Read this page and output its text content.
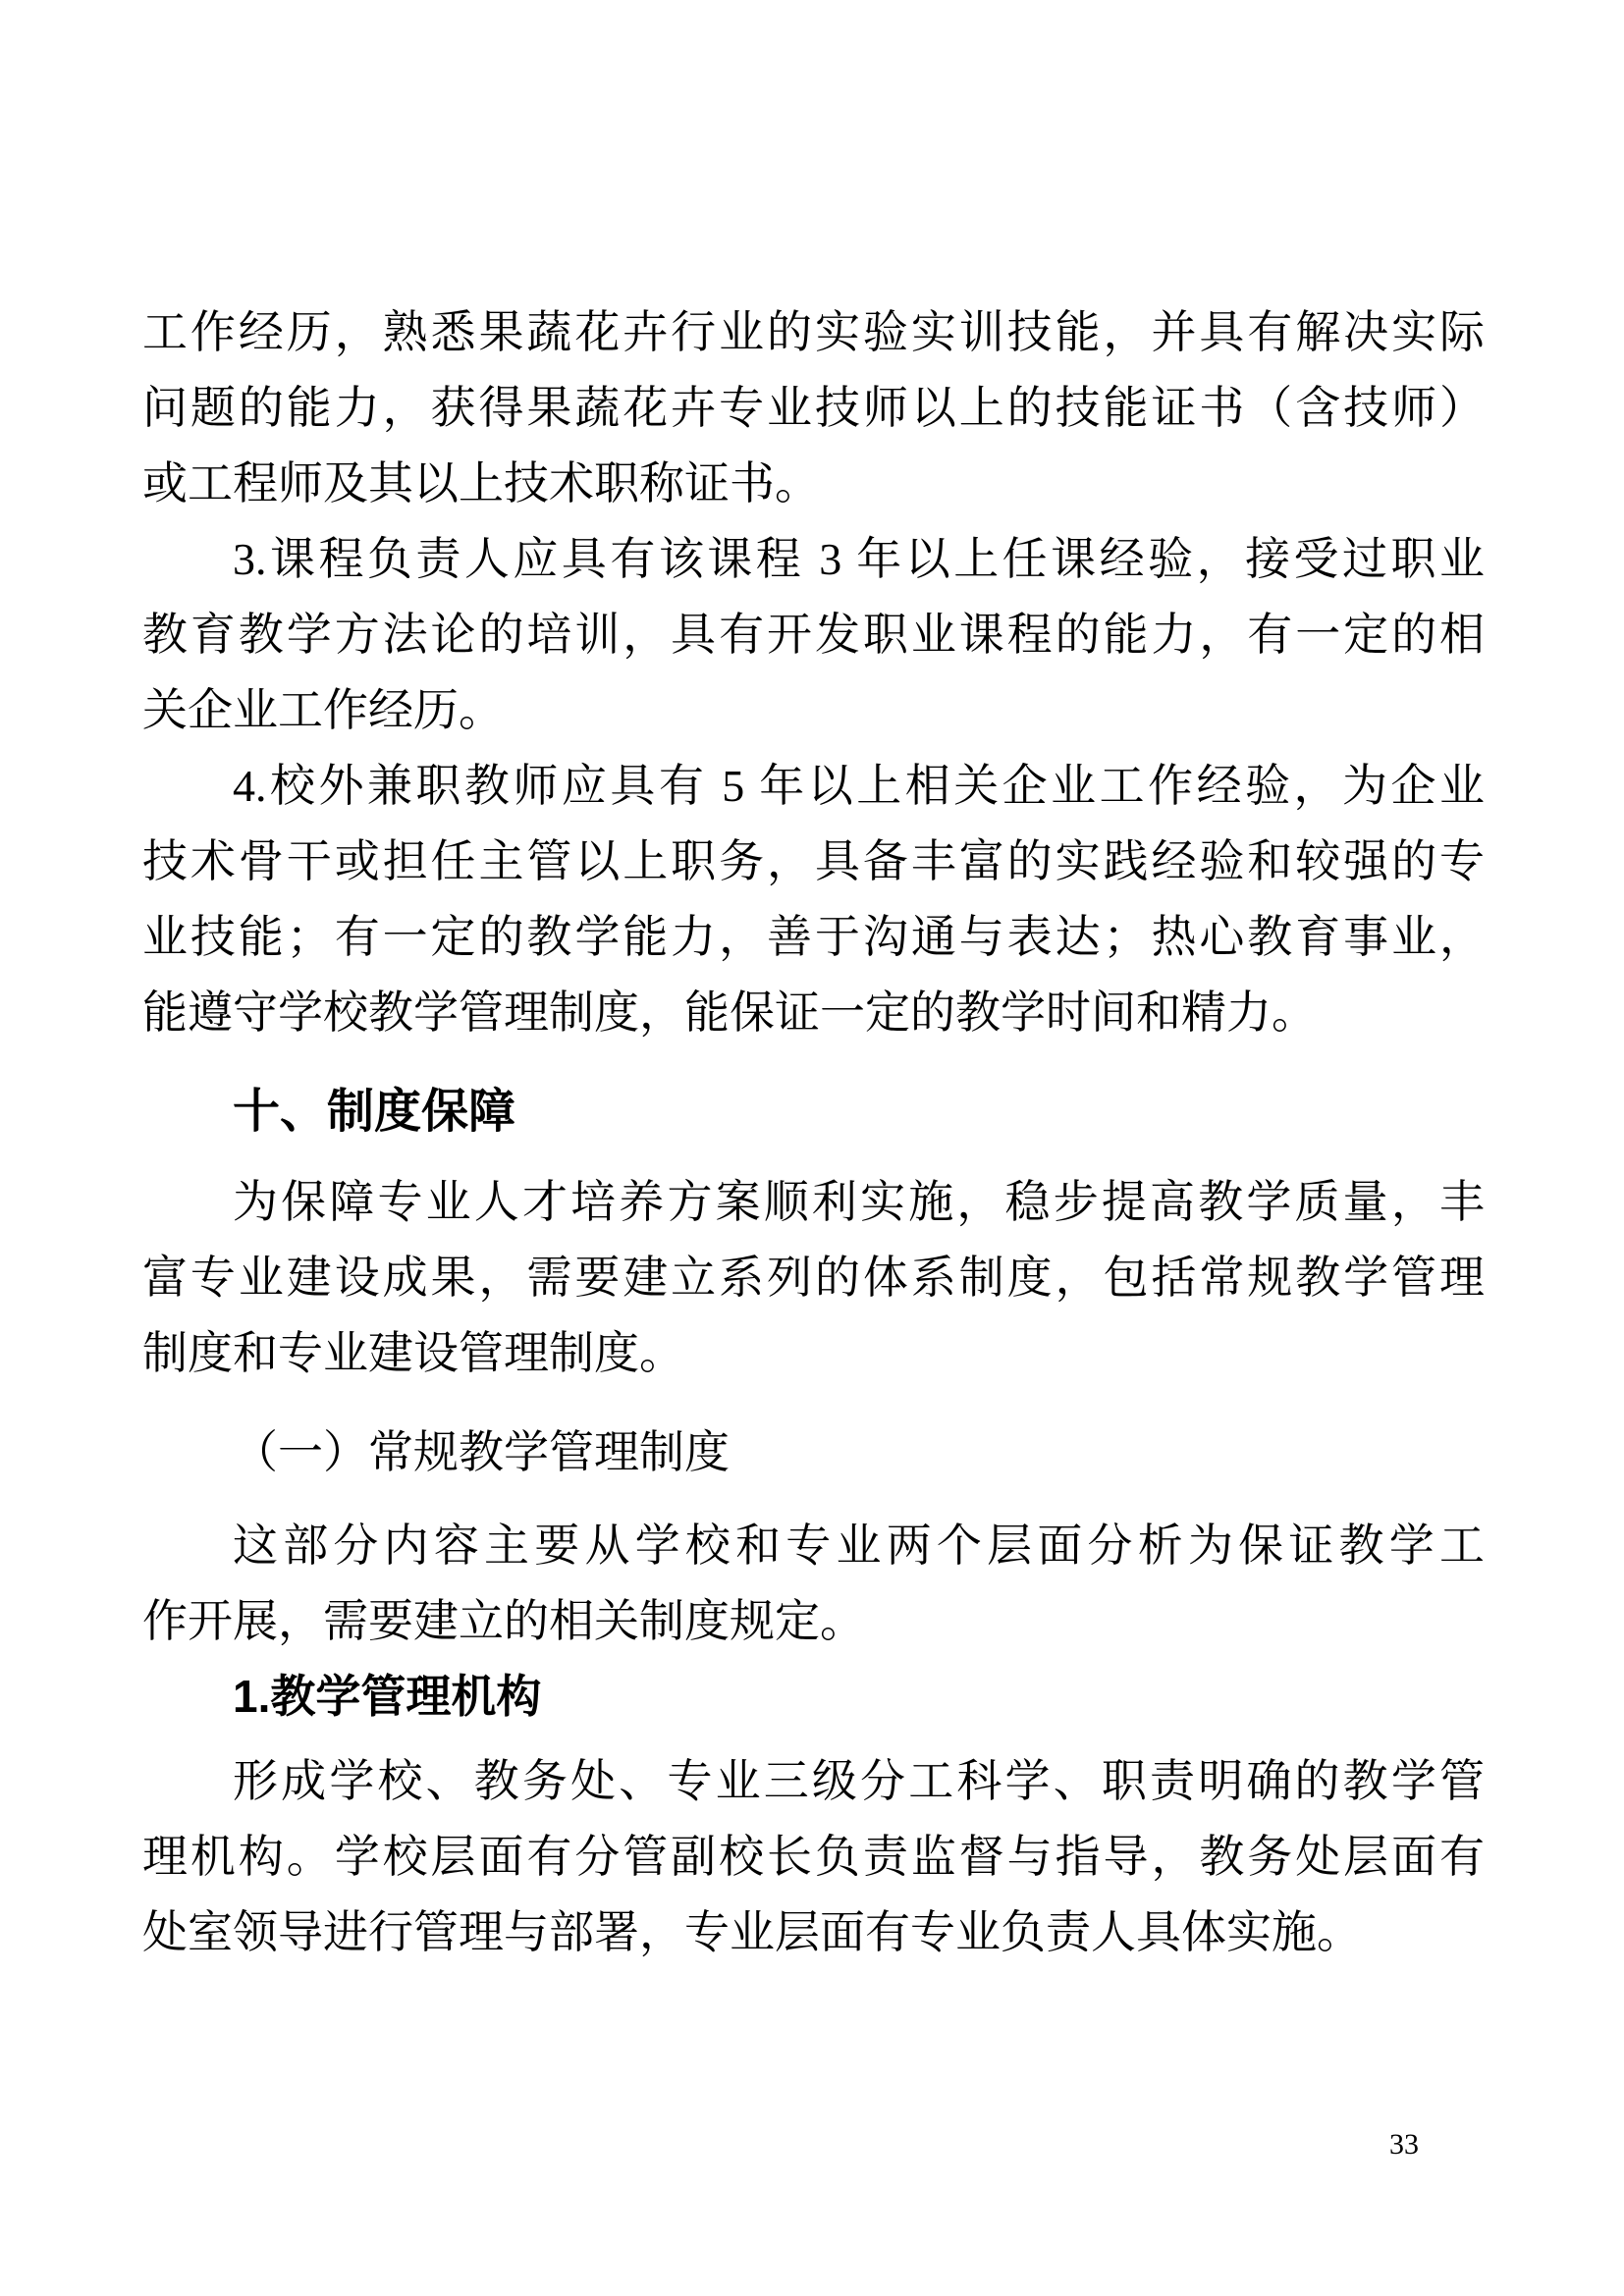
工作经历，熟悉果蔬花卉行业的实验实训技能，并具有解决实际
问题的能力，获得果蔬花卉专业技师以上的技能证书（含技师）
或工程师及其以上技术职称证书。
3.课程负责人应具有该课程 3 年以上任课经验，接受过职业
教育教学方法论的培训，具有开发职业课程的能力，有一定的相
关企业工作经历。
4.校外兼职教师应具有 5 年以上相关企业工作经验，为企业
技术骨干或担任主管以上职务，具备丰富的实践经验和较强的专
业技能；有一定的教学能力，善于沟通与表达；热心教育事业，
能遵守学校教学管理制度，能保证一定的教学时间和精力。
十、制度保障
为保障专业人才培养方案顺利实施，稳步提高教学质量，丰
富专业建设成果，需要建立系列的体系制度，包括常规教学管理
制度和专业建设管理制度。
（一）常规教学管理制度
这部分内容主要从学校和专业两个层面分析为保证教学工
作开展，需要建立的相关制度规定。
1.教学管理机构
形成学校、教务处、专业三级分工科学、职责明确的教学管
理机构。学校层面有分管副校长负责监督与指导，教务处层面有
处室领导进行管理与部署，专业层面有专业负责人具体实施。
33
